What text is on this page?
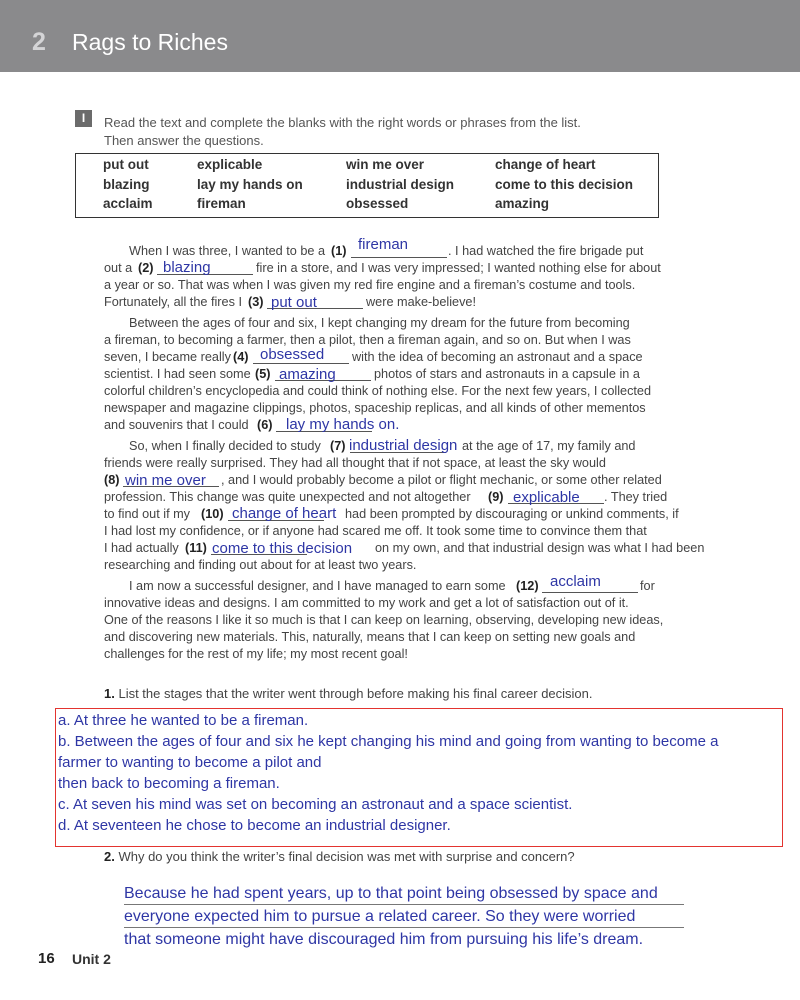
2 Rags to Riches
I	Read the text and complete the blanks with the right words or phrases from the list.
Then answer the questions.
put out	explicable	win me over	change of heart
blazing	lay my hands on	industrial design	come to this decision
acclaim	fireman	obsessed	amazing
When I was three, I wanted to be a (1) fireman	. I had watched the fire brigade put
out a (2) blazing	fire in a store, and I was very impressed; I wanted nothing else for about
a year or so. That was when I was given my red fire engine and a fireman’s costume and tools.
Fortunately, all the fires I (3) put out	were make-believe!
Between the ages of four and six, I kept changing my dream for the future from becoming
a fireman, to becoming a farmer, then a pilot, then a fireman again, and so on. But when I was
seven, I became really (4) obsessed with the idea of becoming an astronaut and a space
scientist. I had seen some (5) amazing	photos of stars and astronauts in a capsule in a
colorful children’s encyclopedia and could think of nothing else. For the next few years, I collected
newspaper and magazine clippings, photos, spaceship replicas, and all kinds of other mementos
and souvenirs that I could (6) lay my hands on.
So, when I finally decided to study (7) industrial design at the age of 17, my family and
friends were really surprised. They had all thought that if not space, at least the sky would
(8) win me over , and I would probably become a pilot or flight mechanic, or some other related
profession. This change was quite unexpected and not altogether (9) explicable . They tried
to find out if my (10) change of heart had been prompted by discouraging or unkind comments, if
I had lost my confidence, or if anyone had scared me off. It took some time to convince them that
I had actually (11) come to this decision on my own, and that industrial design was what I had been
researching and finding out about for at least two years.
I am now a successful designer, and I have managed to earn some (12) acclaim	for
innovative ideas and designs. I am committed to my work and get a lot of satisfaction out of it.
One of the reasons I like it so much is that I can keep on learning, observing, developing new ideas,
and discovering new materials. This, naturally, means that I can keep on setting new goals and
challenges for the rest of my life; my most recent goal!
1. List the stages that the writer went through before making his final career decision.
a. At three he wanted to be a fireman.
b. Between the ages of four and six he kept changing his mind and going from wanting to become a
farmer to wanting to become a pilot and
then back to becoming a fireman.
c. At seven his mind was set on becoming an astronaut and a space scientist.
d. At seventeen he chose to become an industrial designer.
2. Why do you think the writer’s final decision was met with surprise and concern?
Because he had spent years, up to that point being obsessed by space and
everyone expected him to pursue a related career. So they were worried
that someone might have discouraged him from pursuing his life’s dream.
16 Unit 2
